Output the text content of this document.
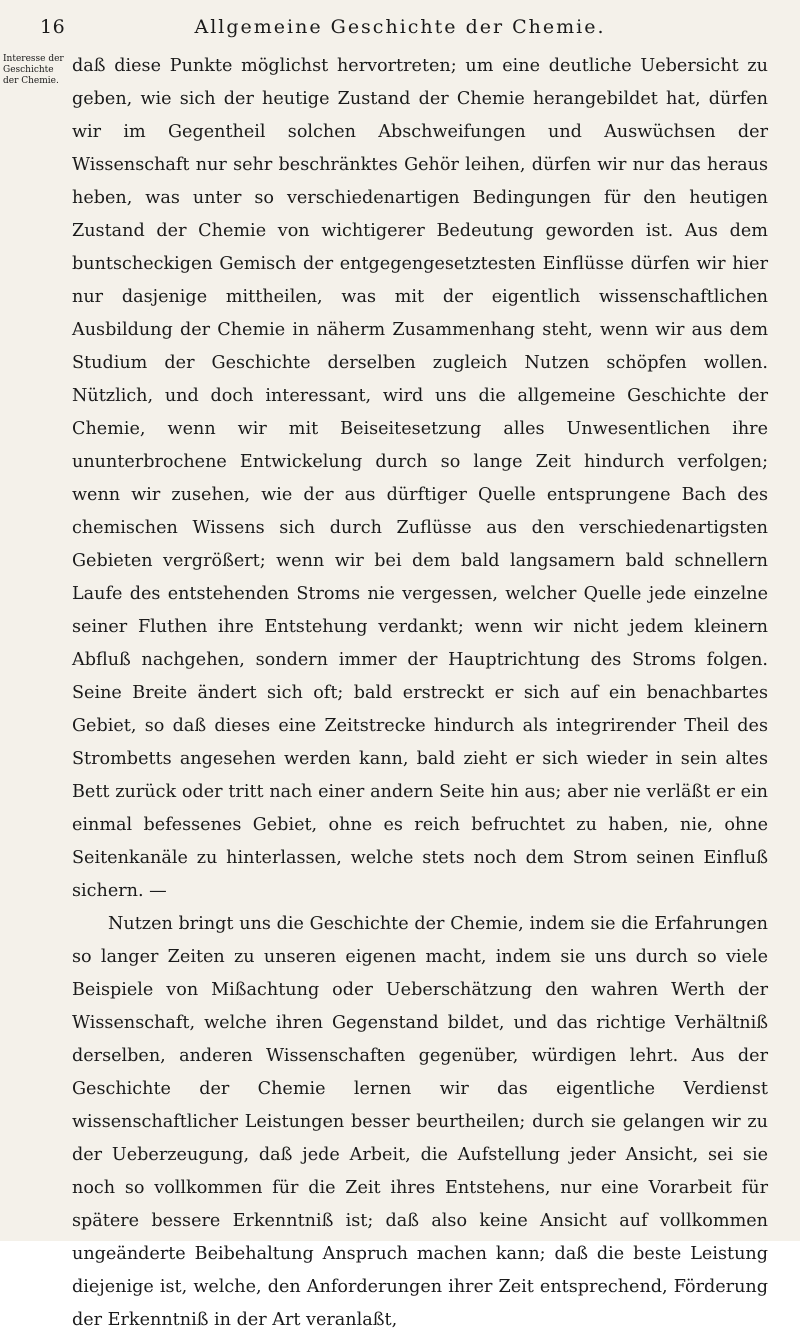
16	Allgemeine Geschichte der Chemie.
Interesse der Geschichte der Chemie.

daß diese Punkte möglichst hervortreten; um eine deutliche Uebersicht zu geben, wie sich der heutige Zustand der Chemie herangebildet hat, dürfen wir im Gegentheil solchen Abschweifungen und Auswüchsen der Wissenschaft nur sehr beschränktes Gehör leihen, dürfen wir nur das heraus heben, was unter so verschiedenartigen Bedingungen für den heutigen Zustand der Chemie von wichtigerer Bedeutung geworden ist. Aus dem buntscheckigen Gemisch der entgegengesetztesten Einflüsse dürfen wir hier nur dasjenige mittheilen, was mit der eigentlich wissenschaftlichen Ausbildung der Chemie in näherm Zusammenhang steht, wenn wir aus dem Studium der Geschichte derselben zugleich Nutzen schöpfen wollen. Nützlich, und doch interessant, wird uns die allgemeine Geschichte der Chemie, wenn wir mit Beiseitesetzung alles Unwesentlichen ihre ununterbrochene Entwickelung durch so lange Zeit hindurch verfolgen; wenn wir zusehen, wie der aus dürftiger Quelle entsprungene Bach des chemischen Wissens sich durch Zuflüsse aus den verschiedenartigsten Gebieten vergrößert; wenn wir bei dem bald langsamern bald schnellern Laufe des entstehenden Stroms nie vergessen, welcher Quelle jede einzelne seiner Fluthen ihre Entstehung verdankt; wenn wir nicht jedem kleinern Abfluß nachgehen, sondern immer der Hauptrichtung des Stroms folgen. Seine Breite ändert sich oft; bald erstreckt er sich auf ein benachbartes Gebiet, so daß dieses eine Zeitstrecke hindurch als integrirender Theil des Strombetts angesehen werden kann, bald zieht er sich wieder in sein altes Bett zurück oder tritt nach einer andern Seite hin aus; aber nie verläßt er ein einmal befessenes Gebiet, ohne es reich befruchtet zu haben, nie, ohne Seitenkanäle zu hinterlassen, welche stets noch dem Strom seinen Einfluß sichern. —

Nutzen bringt uns die Geschichte der Chemie, indem sie die Erfahrungen so langer Zeiten zu unseren eigenen macht, indem sie uns durch so viele Beispiele von Mißachtung oder Ueberschätzung den wahren Werth der Wissenschaft, welche ihren Gegenstand bildet, und das richtige Verhältniß derselben, anderen Wissenschaften gegenüber, würdigen lehrt. Aus der Geschichte der Chemie lernen wir das eigentliche Verdienst wissenschaftlicher Leistungen besser beurtheilen; durch sie gelangen wir zu der Ueberzeugung, daß jede Arbeit, die Aufstellung jeder Ansicht, sei sie noch so vollkommen für die Zeit ihres Entstehens, nur eine Vorarbeit für spätere bessere Erkenntniß ist; daß also keine Ansicht auf vollkommen ungeänderte Beibehaltung Anspruch machen kann; daß die beste Leistung diejenige ist, welche, den Anforderungen ihrer Zeit entsprechend, Förderung der Erkenntniß in der Art veranlaßt,
